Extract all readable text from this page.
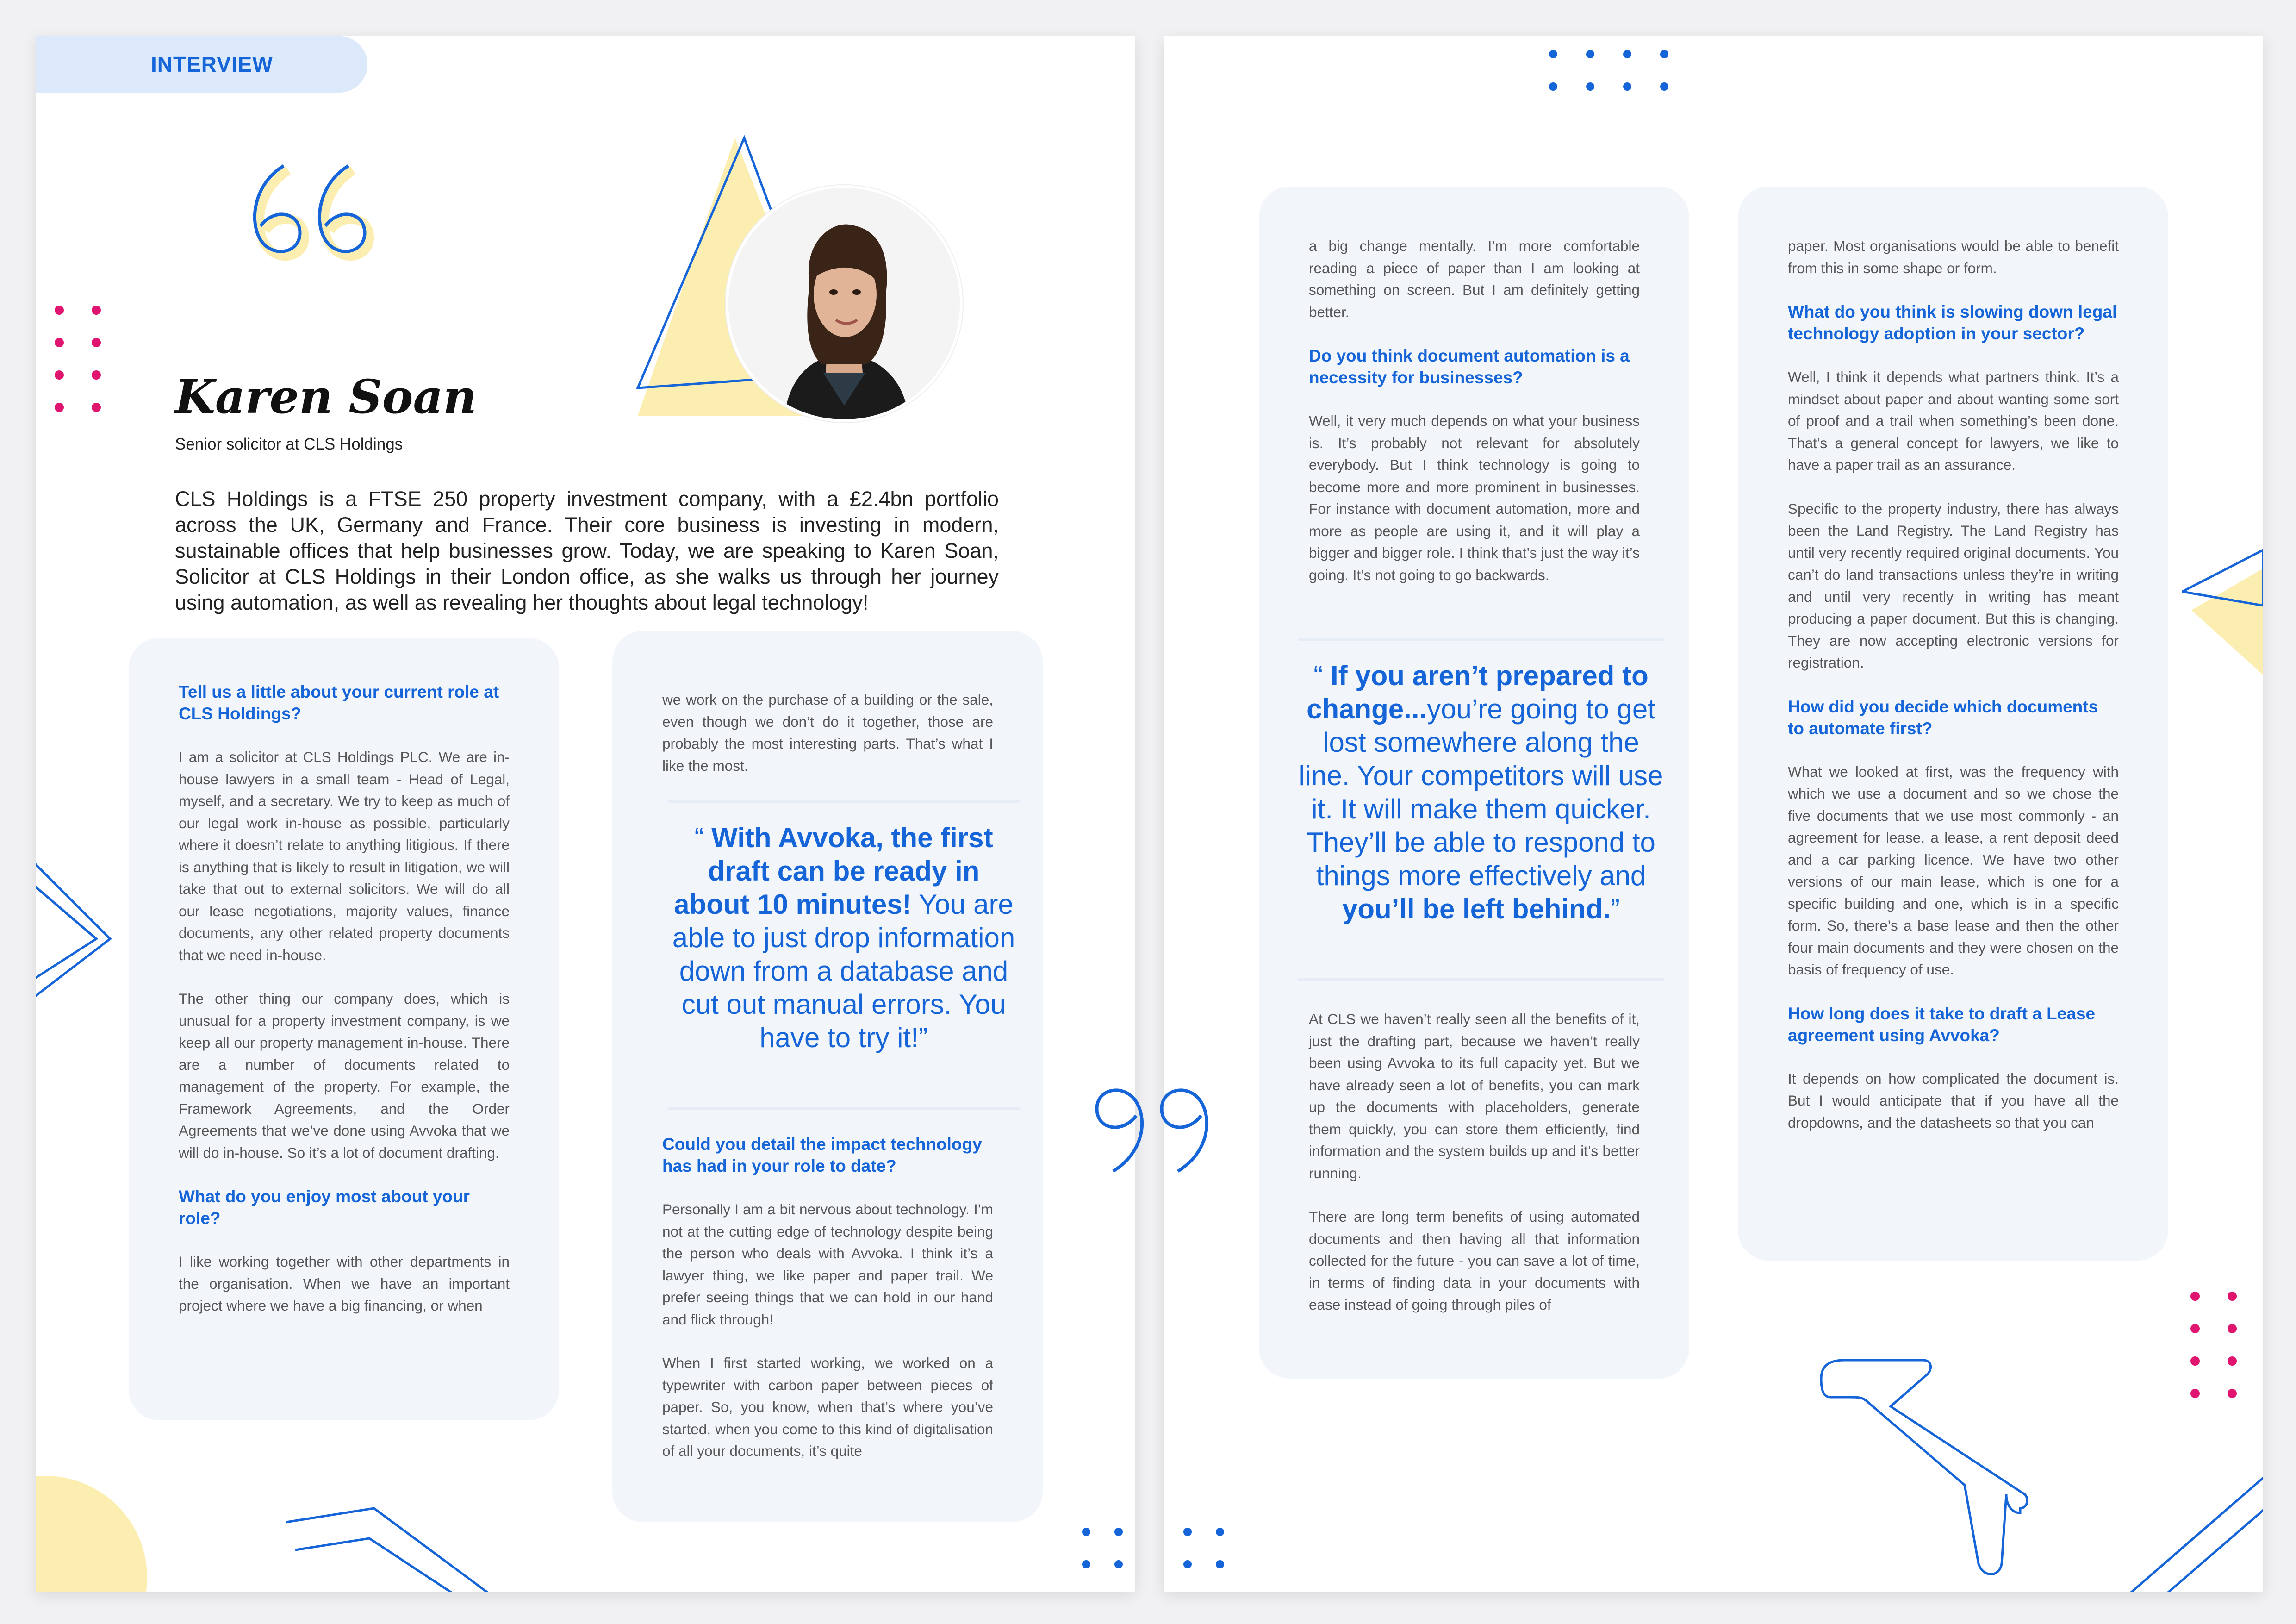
INTERVIEW
Karen Soan
Senior solicitor at CLS Holdings
CLS Holdings is a FTSE 250 property investment company, with a £2.4bn portfolio across the UK, Germany and France. Their core business is investing in modern, sustainable offices that help businesses grow. Today, we are speaking to Karen Soan, Solicitor at CLS Holdings in their London office, as she walks us through her journey using automation, as well as revealing her thoughts about legal technology!

Tell us a little about your current role at CLS Holdings?

I am a solicitor at CLS Holdings PLC. We are in-house lawyers in a small team - Head of Legal, myself, and a secretary. We try to keep as much of our legal work in-house as possible, particularly where it doesn’t relate to anything litigious. If there is anything that is likely to result in litigation, we will take that out to external solicitors. We will do all our lease negotiations, majority values, finance documents, any other related property documents that we need in-house.

The other thing our company does, which is unusual for a property investment company, is we keep all our property management in-house. There are a number of documents related to management of the property. For example, the Framework Agreements, and the Order Agreements that we’ve done using Avvoka that we will do in-house. So it’s a lot of document drafting.

What do you enjoy most about your role?

I like working together with other departments in the organisation. When we have an important project where we have a big financing, or when

we work on the purchase of a building or the sale, even though we don’t do it together, those are probably the most interesting parts. That’s what I like the most.

“ With Avvoka, the first draft can be ready in about 10 minutes! You are able to just drop information down from a database and cut out manual errors. You have to try it!”

Could you detail the impact technology has had in your role to date?

Personally I am a bit nervous about technology. I’m not at the cutting edge of technology despite being the person who deals with Avvoka. I think it’s a lawyer thing, we like paper and paper trail. We prefer seeing things that we can hold in our hand and flick through!

When I first started working, we worked on a typewriter with carbon paper between pieces of paper. So, you know, when that’s where you’ve started, when you come to this kind of digitalisation of all your documents, it’s quite

a big change mentally. I’m more comfortable reading a piece of paper than I am looking at something on screen. But I am definitely getting better.

Do you think document automation is a necessity for businesses?

Well, it very much depends on what your business is. It’s probably not relevant for absolutely everybody. But I think technology is going to become more and more prominent in businesses. For instance with document automation, more and more as people are using it, and it will play a bigger and bigger role. I think that’s just the way it’s going. It’s not going to go backwards.

“ If you aren’t prepared to change...you’re going to get lost somewhere along the line. Your competitors will use it. It will make them quicker. They’ll be able to respond to things more effectively and you’ll be left behind.”

At CLS we haven’t really seen all the benefits of it, just the drafting part, because we haven’t really been using Avvoka to its full capacity yet. But we have already seen a lot of benefits, you can mark up the documents with placeholders, generate them quickly, you can store them efficiently, find information and the system builds up and it’s better running.

There are long term benefits of using automated documents and then having all that information collected for the future - you can save a lot of time, in terms of finding data in your documents with ease instead of going through piles of

paper. Most organisations would be able to benefit from this in some shape or form.

What do you think is slowing down legal technology adoption in your sector?

Well, I think it depends what partners think. It’s a mindset about paper and about wanting some sort of proof and a trail when something’s been done. That’s a general concept for lawyers, we like to have a paper trail as an assurance.

Specific to the property industry, there has always been the Land Registry. The Land Registry has until very recently required original documents. You can’t do land transactions unless they’re in writing and until very recently in writing has meant producing a paper document. But this is changing. They are now accepting electronic versions for registration.

How did you decide which documents to automate first?

What we looked at first, was the frequency with which we use a document and so we chose the five documents that we use most commonly - an agreement for lease, a lease, a rent deposit deed and a car parking licence. We have two other versions of our main lease, which is one for a specific building and one, which is in a specific form. So, there’s a base lease and then the other four main documents and they were chosen on the basis of frequency of use.

How long does it take to draft a Lease agreement using Avvoka?

It depends on how complicated the document is. But I would anticipate that if you have all the dropdowns, and the datasheets so that you can
